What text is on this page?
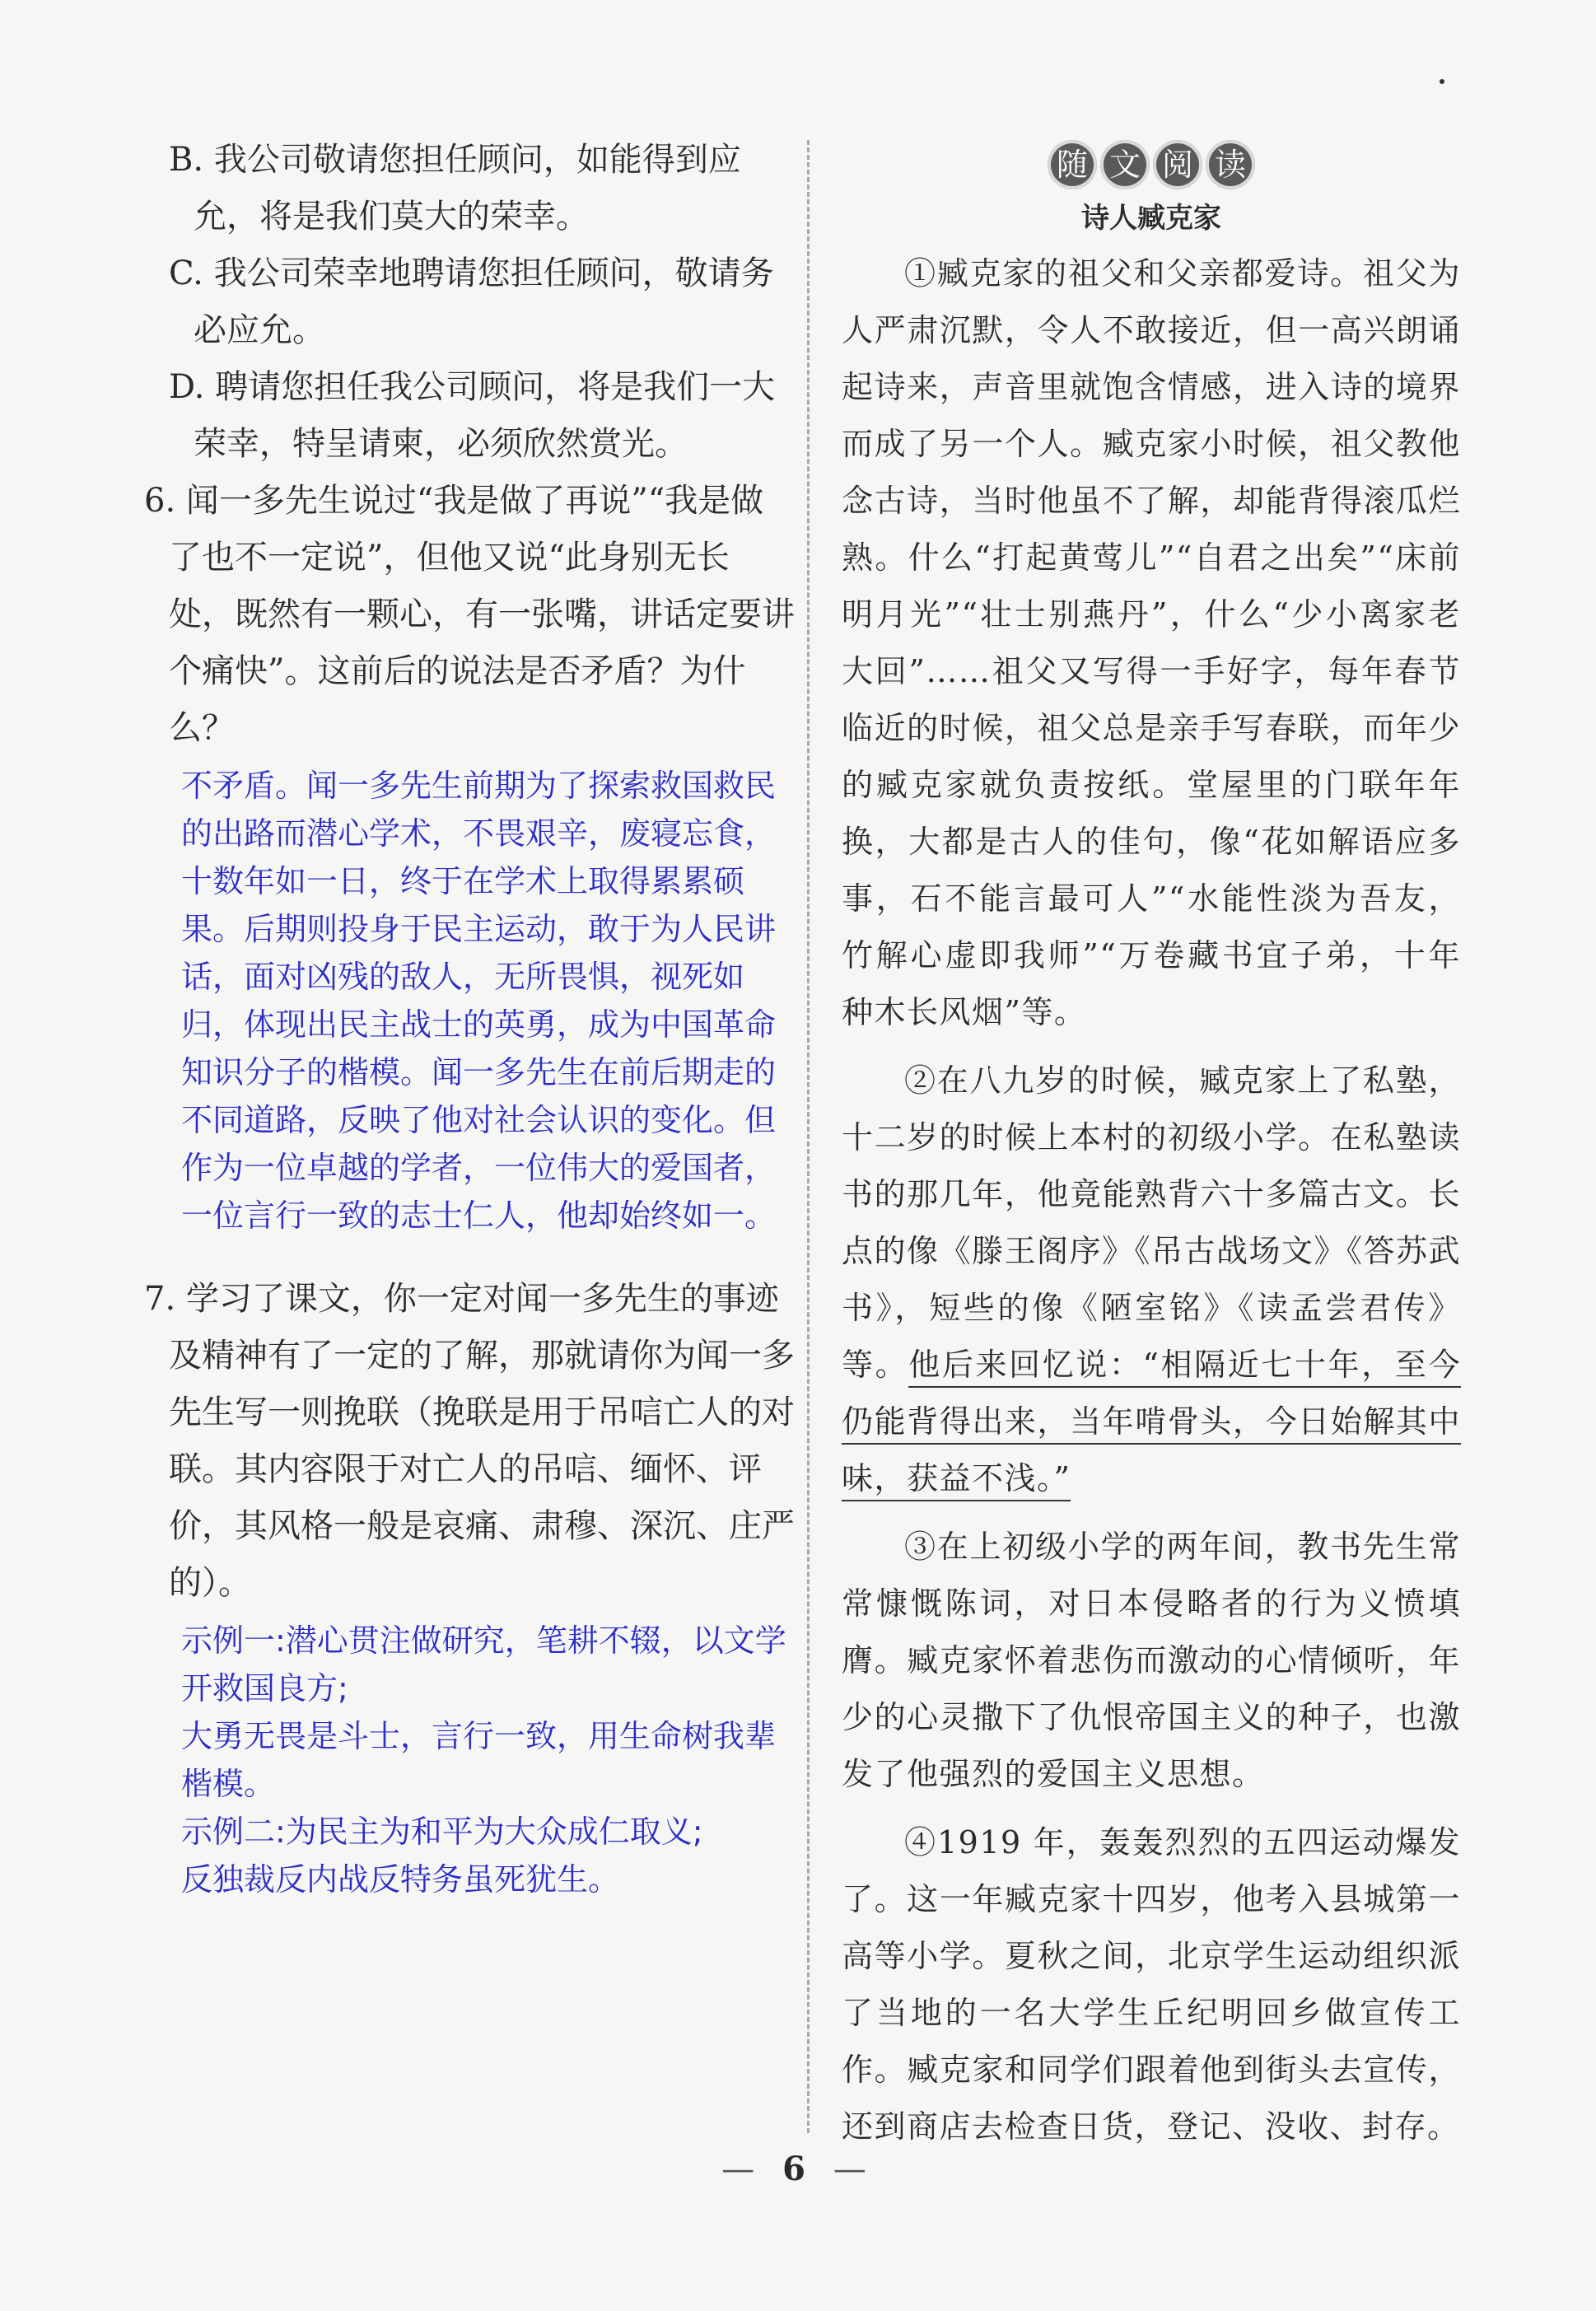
B. 我公司敬请您担任顾问，如能得到应允，将是我们莫大的荣幸。

C. 我公司荣幸地聘请您担任顾问，敬请务必应允。

D. 聘请您担任我公司顾问，将是我们一大荣幸，特呈请柬，必须欣然赏光。

6. 闻一多先生说过“我是做了再说”“我是做了也不一定说”，但他又说“此身别无长处，既然有一颗心，有一张嘴，讲话定要讲个痛快”。这前后的说法是否矛盾？为什么？

不矛盾。闻一多先生前期为了探索救国救民的出路而潜心学术，不畏艰辛，废寝忘食，十数年如一日，终于在学术上取得累累硕果。后期则投身于民主运动，敢于为人民讲话，面对凶残的敌人，无所畏惧，视死如归，体现出民主战士的英勇，成为中国革命知识分子的楷模。闻一多先生在前后期走的不同道路，反映了他对社会认识的变化。但作为一位卓越的学者，一位伟大的爱国者，一位言行一致的志士仁人，他却始终如一。

7. 学习了课文，你一定对闻一多先生的事迹及精神有了一定的了解，那就请你为闻一多先生写一则挽联（挽联是用于吊唁亡人的对联。其内容限于对亡人的吊唁、缅怀、评价，其风格一般是哀痛、肃穆、深沉、庄严的）。

示例一:潜心贯注做研究，笔耕不辍，以文学开救国良方;

大勇无畏是斗士，言行一致，用生命树我辈楷模。

示例二:为民主为和平为大众成仁取义;

反独裁反内战反特务虽死犹生。

随 文 阅 读

诗人臧克家

①臧克家的祖父和父亲都爱诗。祖父为人严肃沉默，令人不敢接近，但一高兴朗诵起诗来，声音里就饱含情感，进入诗的境界而成了另一个人。臧克家小时候，祖父教他念古诗，当时他虽不了解，却能背得滚瓜烂熟。什么“打起黄莺儿”“自君之出矣”“床前明月光”“壮士别燕丹”，什么“少小离家老大回”……祖父又写得一手好字，每年春节临近的时候，祖父总是亲手写春联，而年少的臧克家就负责按纸。堂屋里的门联年年换，大都是古人的佳句，像“花如解语应多事，石不能言最可人”“水能性淡为吾友，竹解心虚即我师”“万卷藏书宜子弟，十年种木长风烟”等。

②在八九岁的时候，臧克家上了私塾，十二岁的时候上本村的初级小学。在私塾读书的那几年，他竟能熟背六十多篇古文。长点的像《滕王阁序》《吊古战场文》《答苏武书》，短些的像《陋室铭》《读孟尝君传》等。他后来回忆说：“相隔近七十年，至今仍能背得出来，当年啃骨头，今日始解其中味，获益不浅。”

③在上初级小学的两年间，教书先生常常慷慨陈词，对日本侵略者的行为义愤填膺。臧克家怀着悲伤而激动的心情倾听，年少的心灵撒下了仇恨帝国主义的种子，也激发了他强烈的爱国主义思想。

④1919 年，轰轰烈烈的五四运动爆发了。这一年臧克家十四岁，他考入县城第一高等小学。夏秋之间，北京学生运动组织派了当地的一名大学生丘纪明回乡做宣传工作。臧克家和同学们跟着他到街头去宣传，还到商店去检查日货，登记、没收、封存。

— 6 —
